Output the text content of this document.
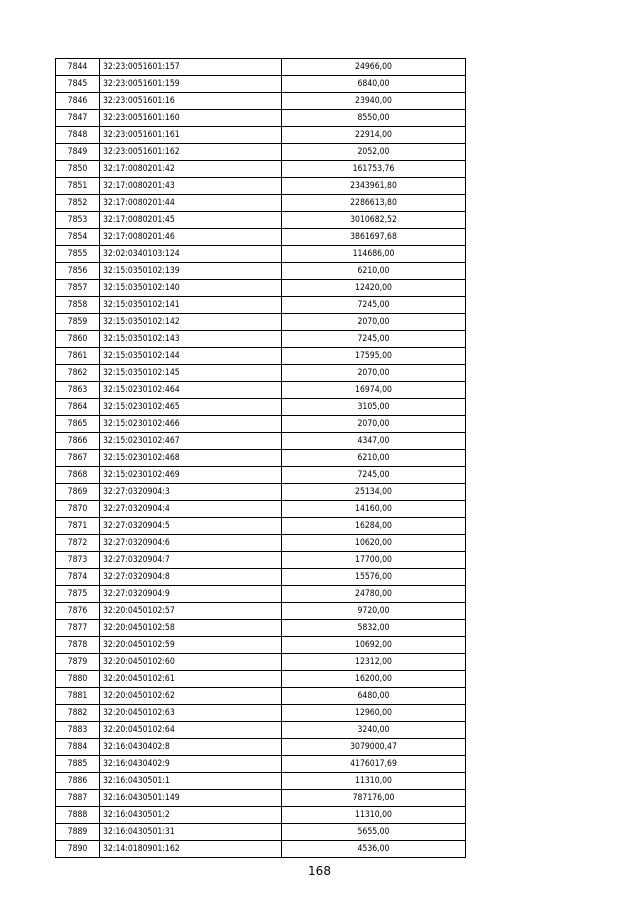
7844	32:23:0051601:157	24966,00
7845	32:23:0051601:159	6840,00
7846	32:23:0051601:16	23940,00
7847	32:23:0051601:160	8550,00
7848	32:23:0051601:161	22914,00
7849	32:23:0051601:162	2052,00
7850	32:17:0080201:42	161753,76
7851	32:17:0080201:43	2343961,80
7852	32:17:0080201:44	2286613,80
7853	32:17:0080201:45	3010682,52
7854	32:17:0080201:46	3861697,68
7855	32:02:0340103:124	114686,00
7856	32:15:0350102:139	6210,00
7857	32:15:0350102:140	12420,00
7858	32:15:0350102:141	7245,00
7859	32:15:0350102:142	2070,00
7860	32:15:0350102:143	7245,00
7861	32:15:0350102:144	17595,00
7862	32:15:0350102:145	2070,00
7863	32:15:0230102:464	16974,00
7864	32:15:0230102:465	3105,00
7865	32:15:0230102:466	2070,00
7866	32:15:0230102:467	4347,00
7867	32:15:0230102:468	6210,00
7868	32:15:0230102:469	7245,00
7869	32:27:0320904:3	25134,00
7870	32:27:0320904:4	14160,00
7871	32:27:0320904:5	16284,00
7872	32:27:0320904:6	10620,00
7873	32:27:0320904:7	17700,00
7874	32:27:0320904:8	15576,00
7875	32:27:0320904:9	24780,00
7876	32:20:0450102:57	9720,00
7877	32:20:0450102:58	5832,00
7878	32:20:0450102:59	10692,00
7879	32:20:0450102:60	12312,00
7880	32:20:0450102:61	16200,00
7881	32:20:0450102:62	6480,00
7882	32:20:0450102:63	12960,00
7883	32:20:0450102:64	3240,00
7884	32:16:0430402:8	3079000,47
7885	32:16:0430402:9	4176017,69
7886	32:16:0430501:1	11310,00
7887	32:16:0430501:149	787176,00
7888	32:16:0430501:2	11310,00
7889	32:16:0430501:31	5655,00
7890	32:14:0180901:162	4536,00
168
